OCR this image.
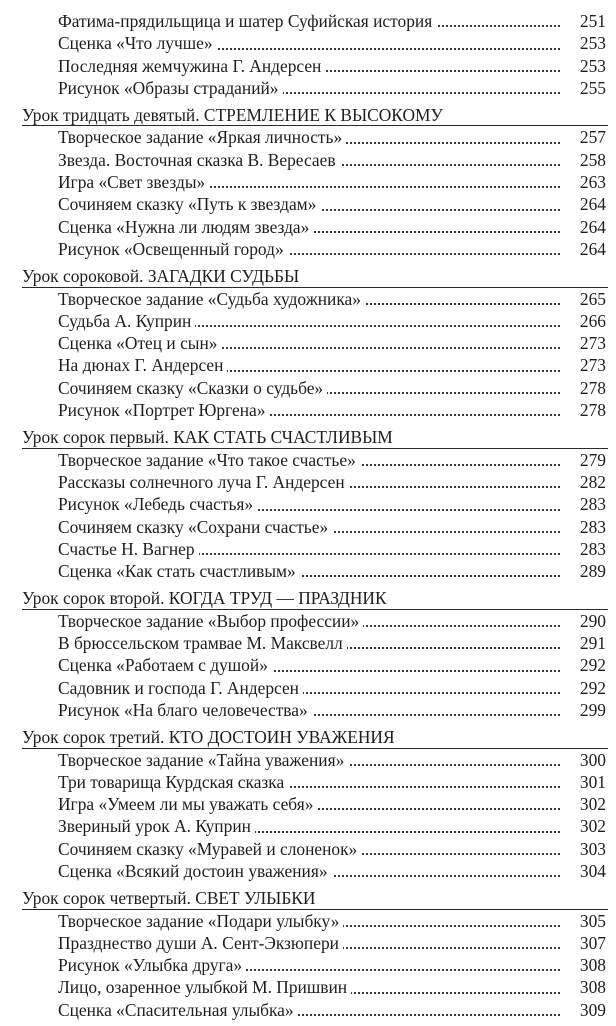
Фатима-прядильщица и шатер Суфийская история	251
Сценка «Что лучше»	253
Последняя жемчужина Г. Андерсен	253
Рисунок «Образы страданий»	255
Урок тридцать девятый. СТРЕМЛЕНИЕ К ВЫСОКОМУ
Творческое задание «Яркая личность»	257
Звезда. Восточная сказка В. Вересаев	258
Игра «Свет звезды»	263
Сочиняем сказку «Путь к звездам»	264
Сценка «Нужна ли людям звезда»	264
Рисунок «Освещенный город»	264
Урок сороковой. ЗАГАДКИ СУДЬБЫ
Творческое задание «Судьба художника»	265
Судьба А. Куприн	266
Сценка «Отец и сын»	273
На дюнах Г. Андерсен	273
Сочиняем сказку «Сказки о судьбе»	278
Рисунок «Портрет Юргена»	278
Урок сорок первый. КАК СТАТЬ СЧАСТЛИВЫМ
Творческое задание «Что такое счастье»	279
Рассказы солнечного луча Г. Андерсен	282
Рисунок «Лебедь счастья»	283
Сочиняем сказку «Сохрани счастье»	283
Счастье Н. Вагнер	283
Сценка «Как стать счастливым»	289
Урок сорок второй. КОГДА ТРУД — ПРАЗДНИК
Творческое задание «Выбор профессии»	290
В брюссельском трамвае М. Максвелл	291
Сценка «Работаем с душой»	292
Садовник и господа Г. Андерсен	292
Рисунок «На благо человечества»	299
Урок сорок третий. КТО ДОСТОИН УВАЖЕНИЯ
Творческое задание «Тайна уважения»	300
Три товарища Курдская сказка	301
Игра «Умеем ли мы уважать себя»	302
Звериный урок А. Куприн	302
Сочиняем сказку «Муравей и слоненок»	303
Сценка «Всякий достоин уважения»	304
Урок сорок четвертый. СВЕТ УЛЫБКИ
Творческое задание «Подари улыбку»	305
Празднество души А. Сент-Экзюпери	307
Рисунок «Улыбка друга»	308
Лицо, озаренное улыбкой М. Пришвин	308
Сценка «Спасительная улыбка»	309
